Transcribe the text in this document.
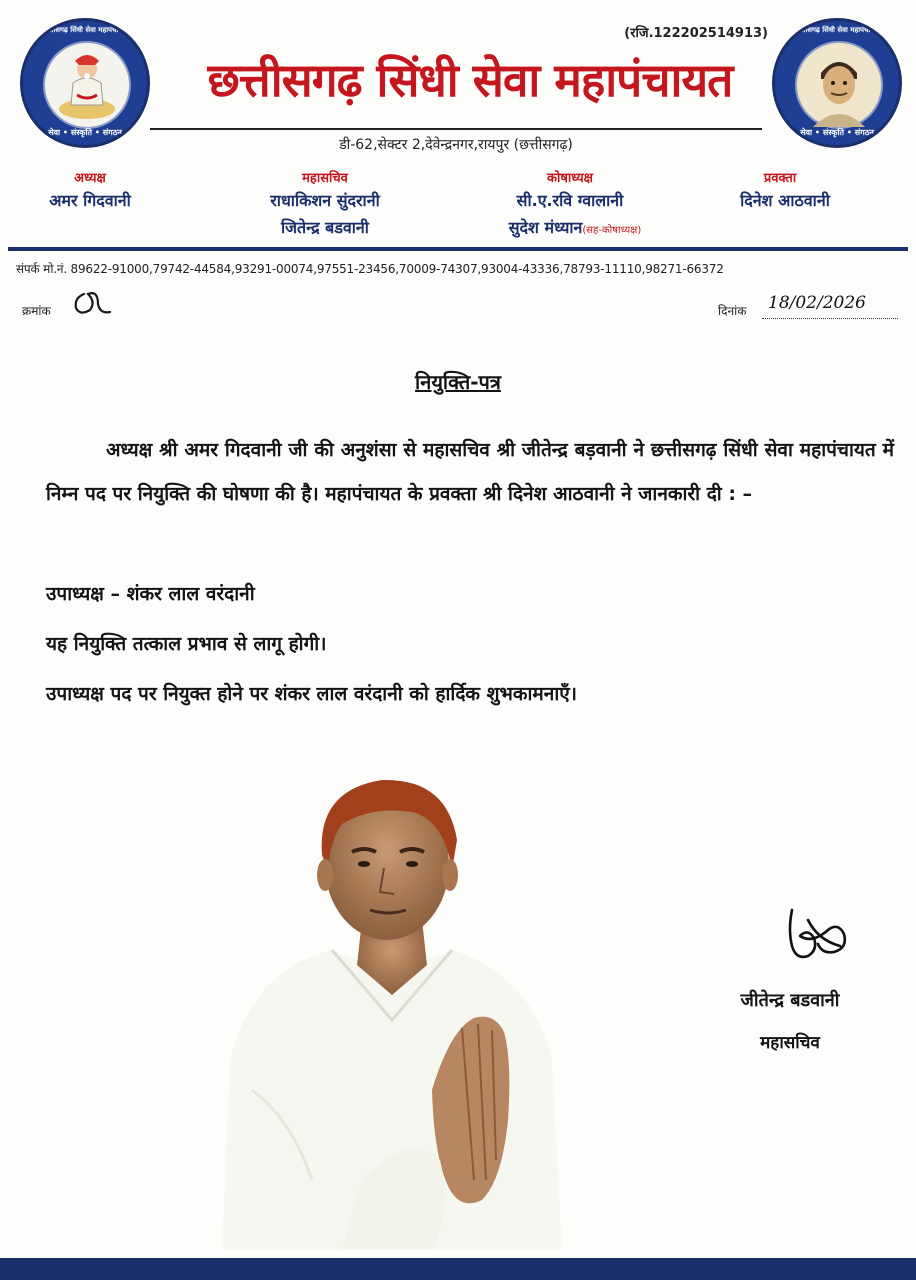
छत्तीसगढ़ सिंधी सेवा महापंचायत
सेवा • संस्कृति • संगठन
छत्तीसगढ़ सिंधी सेवा महापंचायत
सेवा • संस्कृति • संगठन
(रजि.122202514913)
छत्तीसगढ़ सिंधी सेवा महापंचायत
डी-62,सेक्टर 2,देवेन्द्रनगर,रायपुर (छत्तीसगढ़)
अध्यक्ष
अमर गिदवानी
महासचिव
राधाकिशन सुंदरानी
जितेन्द्र बडवानी
कोषाध्यक्ष
सी.ए.रवि ग्वालानी
सुदेश मंध्यान(सह-कोषाध्यक्ष)
प्रवक्ता
दिनेश आठवानी
संपर्क मो.नं. 89622-91000,79742-44584,93291-00074,97551-23456,70009-74307,93004-43336,78793-11110,98271-66372
क्रमांक	दिनांक 18/02/2026
नियुक्ति-पत्र
अध्यक्ष श्री अमर गिदवानी जी की अनुशंसा से महासचिव श्री जीतेन्द्र बड़वानी ने छत्तीसगढ़ सिंधी सेवा महापंचायत में निम्न पद पर नियुक्ति की घोषणा की है। महापंचायत के प्रवक्ता श्री दिनेश आठवानी ने जानकारी दी : –
उपाध्यक्ष – शंकर लाल वरंदानी
यह नियुक्ति तत्काल प्रभाव से लागू होगी।
उपाध्यक्ष पद पर नियुक्त होने पर शंकर लाल वरंदानी को हार्दिक शुभकामनाएँ।
जीतेन्द्र बडवानी
महासचिव
